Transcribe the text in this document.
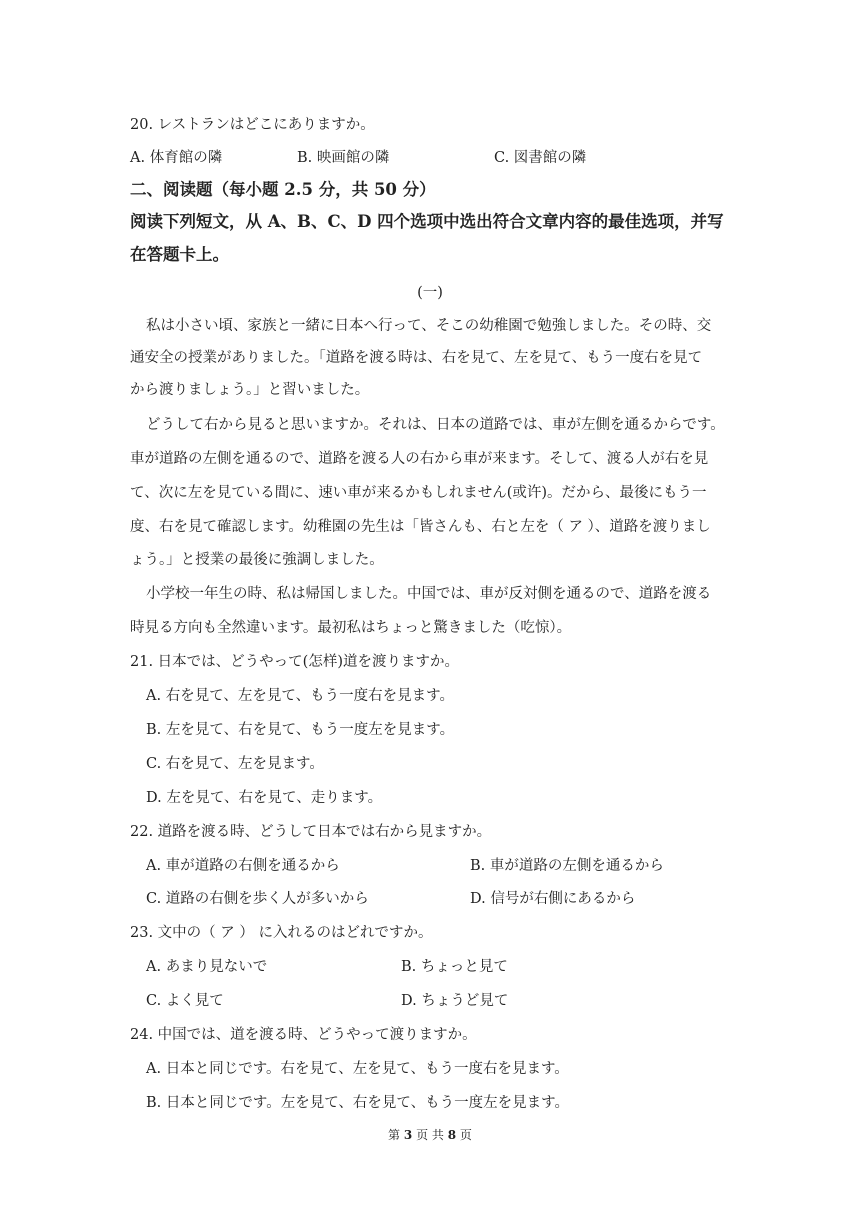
20. レストランはどこにありますか。
A. 体育館の隣	B. 映画館の隣	C. 図書館の隣
二、阅读题（每小题 2.5 分，共 50 分）
阅读下列短文，从 A、B、C、D 四个选项中选出符合文章内容的最佳选项，并写
在答题卡上。
(一)
私は小さい頃、家族と一緒に日本へ行って、そこの幼稚園で勉強しました。その時、交
通安全の授業がありました。「道路を渡る時は、右を見て、左を見て、もう一度右を見て
から渡りましょう。」と習いました。
どうして右から見ると思いますか。それは、日本の道路では、車が左側を通るからです。
車が道路の左側を通るので、道路を渡る人の右から車が来ます。そして、渡る人が右を見
て、次に左を見ている間に、速い車が来るかもしれません(或许)。だから、最後にもう一
度、右を見て確認します。幼稚園の先生は「皆さんも、右と左を（ ア ）、道路を渡りまし
ょう。」と授業の最後に強調しました。
小学校一年生の時、私は帰国しました。中国では、車が反対側を通るので、道路を渡る
時見る方向も全然違います。最初私はちょっと驚きました（吃惊）。
21. 日本では、どうやって(怎样)道を渡りますか。
A. 右を見て、左を見て、もう一度右を見ます。
B. 左を見て、右を見て、もう一度左を見ます。
C. 右を見て、左を見ます。
D. 左を見て、右を見て、走ります。
22. 道路を渡る時、どうして日本では右から見ますか。
A. 車が道路の右側を通るから	B. 車が道路の左側を通るから
C. 道路の右側を歩く人が多いから	D. 信号が右側にあるから
23. 文中の（ ア ） に入れるのはどれですか。
A. あまり見ないで	B. ちょっと見て
C. よく見て	D. ちょうど見て
24. 中国では、道を渡る時、どうやって渡りますか。
A. 日本と同じです。右を見て、左を見て、もう一度右を見ます。
B. 日本と同じです。左を見て、右を見て、もう一度左を見ます。
第 3 页 共 8 页
